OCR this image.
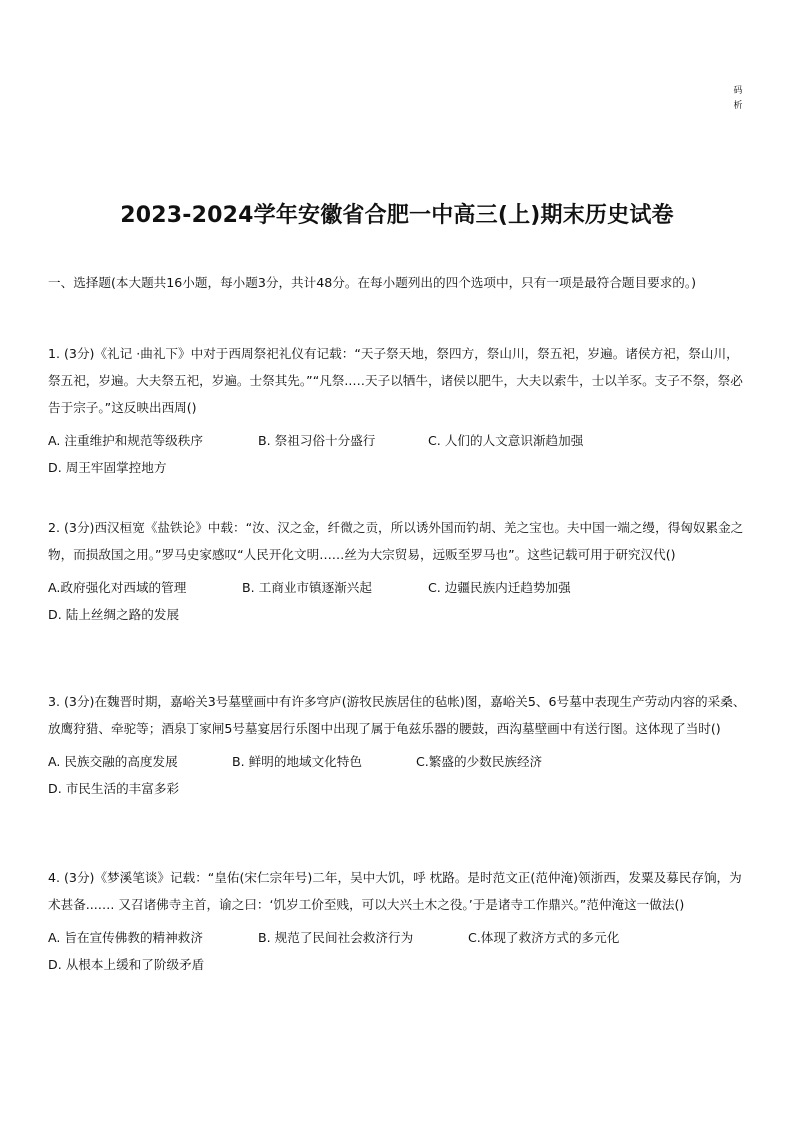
码
析
2023-2024学年安徽省合肥一中高三(上)期末历史试卷
一、选择题(本大题共16小题，每小题3分，共计48分。在每小题列出的四个选项中，只有一项是最符合题目要求的。)

1. (3分)《礼记 ·曲礼下》中对于西周祭祀礼仪有记载：“天子祭天地，祭四方，祭山川，祭五祀，岁遍。诸侯方祀，祭山川，祭五祀，岁遍。大夫祭五祀，岁遍。士祭其先。”“凡祭..…天子以牺牛，诸侯以肥牛，大夫以索牛，士以羊豕。支子不祭，祭必告于宗子。”这反映出西周()

A. 注重维护和规范等级秩序	B. 祭祖习俗十分盛行	C. 人们的人文意识渐趋加强
D. 周王牢固掌控地方

2. (3分)西汉桓宽《盐铁论》中载：“汝、汉之金，纤微之贡，所以诱外国而钓胡、羌之宝也。夫中国一端之缦，得匈奴累金之物，而损敌国之用。”罗马史家感叹“人民开化文明……丝为大宗贸易，远贩至罗马也”。这些记载可用于研究汉代()

A.政府强化对西域的管理	B. 工商业市镇逐渐兴起	C. 边疆民族内迁趋势加强
D. 陆上丝绸之路的发展

3. (3分)在魏晋时期，嘉峪关3号墓壁画中有许多穹庐(游牧民族居住的毡帐)图，嘉峪关5、6号墓中表现生产劳动内容的采桑、放鹰狩猎、牵驼等；酒泉丁家闸5号墓宴居行乐图中出现了属于龟兹乐器的腰鼓，西沟墓壁画中有送行图。这体现了当时()

A. 民族交融的高度发展	B. 鲜明的地域文化特色	C.繁盛的少数民族经济
D. 市民生活的丰富多彩

4. (3分)《梦溪笔谈》记载：“皇佑(宋仁宗年号)二年，吴中大饥，呼 枕路。是时范文正(范仲淹)领浙西，发粟及募民存饷，为术甚备...…. 又召诸佛寺主首，谕之曰：‘饥岁工价至贱，可以大兴土木之役。’于是诸寺工作鼎兴。”范仲淹这一做法()

A. 旨在宣传佛教的精神救济	B. 规范了民间社会救济行为	C.体现了救济方式的多元化
D. 从根本上缓和了阶级矛盾
